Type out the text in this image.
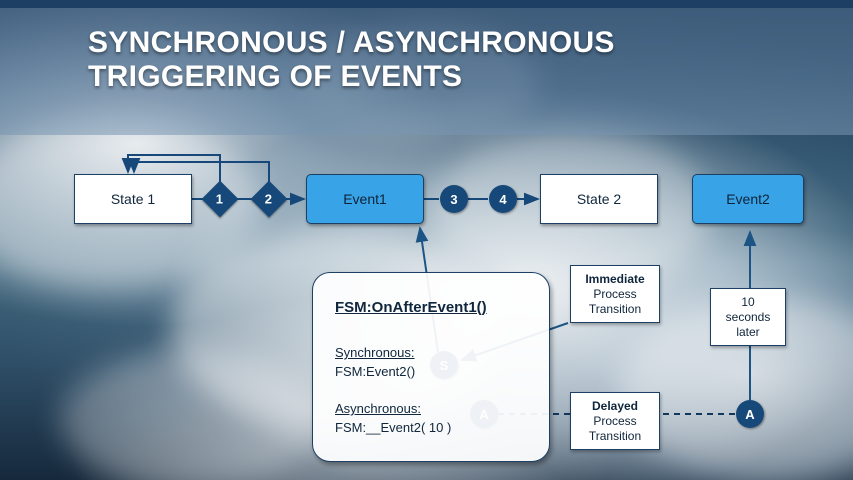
SYNCHRONOUS / ASYNCHRONOUS
TRIGGERING OF EVENTS
State 1	Event1	State 2	Event2
1	2	3	4
A
FSM:OnAfterEvent1()
Synchronous:
FSM:Event2()
Asynchronous:
FSM:__Event2( 10 )
Immediate
Process
Transition
Delayed
Process
Transition
10
seconds
later
